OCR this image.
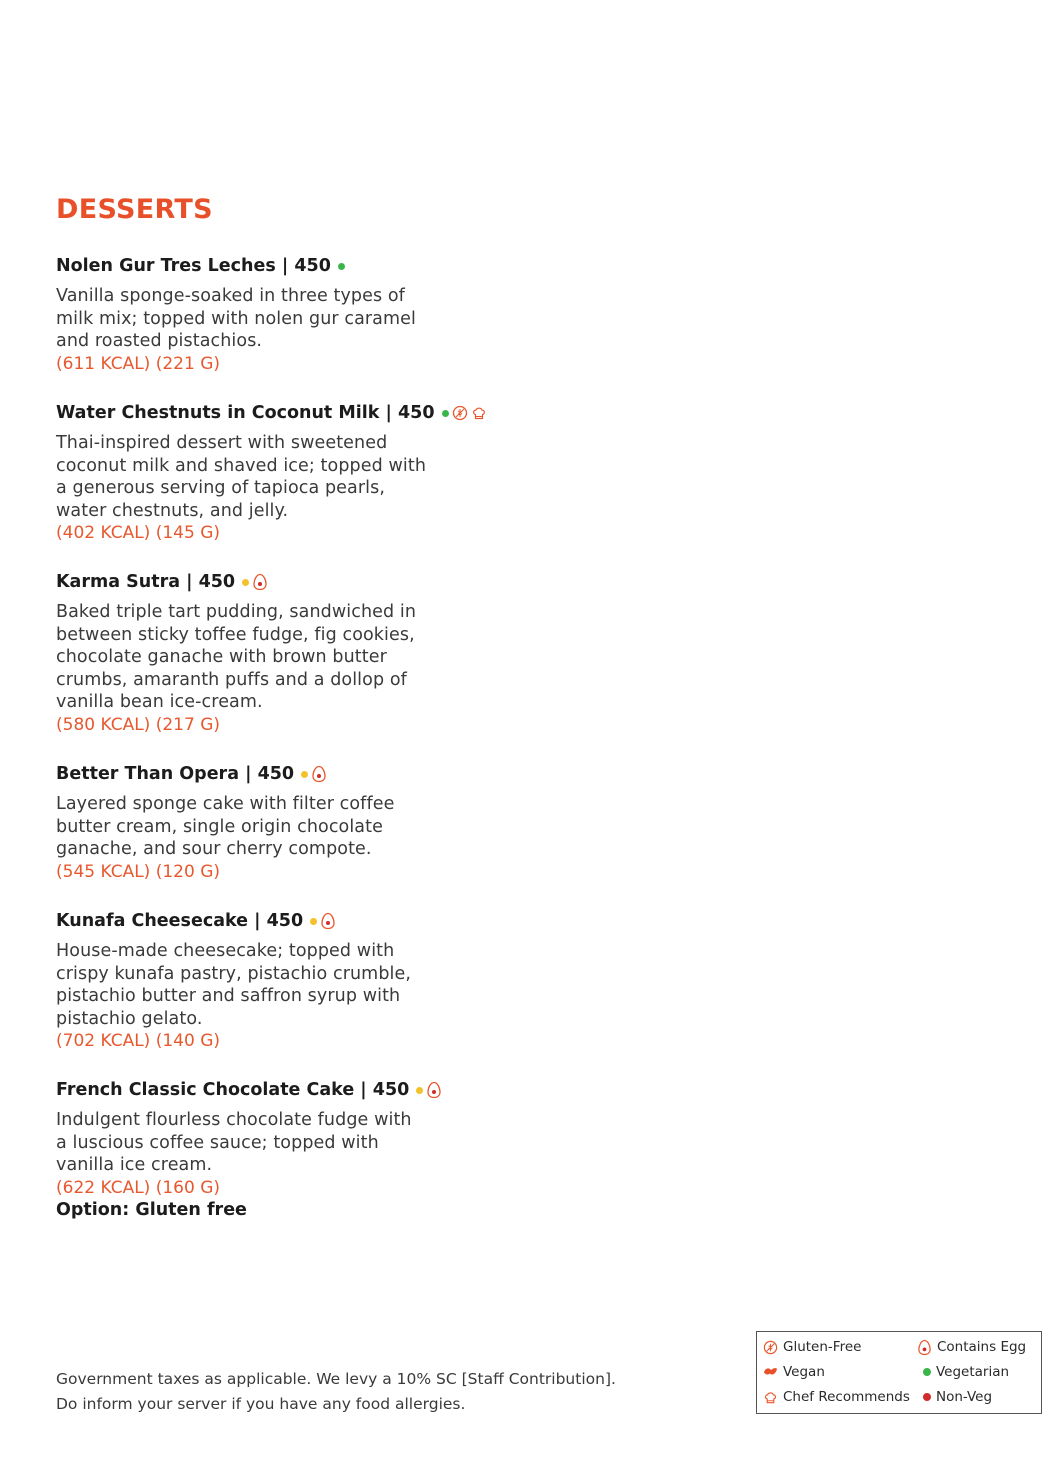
DESSERTS
Nolen Gur Tres Leches | 450
Vanilla sponge-soaked in three types of
milk mix; topped with nolen gur caramel
and roasted pistachios.
(611 KCAL) (221 G)
Water Chestnuts in Coconut Milk | 450
Thai-inspired dessert with sweetened
coconut milk and shaved ice; topped with
a generous serving of tapioca pearls,
water chestnuts, and jelly.
(402 KCAL) (145 G)
Karma Sutra | 450
Baked triple tart pudding, sandwiched in
between sticky toffee fudge, fig cookies,
chocolate ganache with brown butter
crumbs, amaranth puffs and a dollop of
vanilla bean ice-cream.
(580 KCAL) (217 G)
Better Than Opera | 450
Layered sponge cake with filter coffee
butter cream, single origin chocolate
ganache, and sour cherry compote.
(545 KCAL) (120 G)
Kunafa Cheesecake | 450
House-made cheesecake; topped with
crispy kunafa pastry, pistachio crumble,
pistachio butter and saffron syrup with
pistachio gelato.
(702 KCAL) (140 G)
French Classic Chocolate Cake | 450
Indulgent flourless chocolate fudge with
a luscious coffee sauce; topped with
vanilla ice cream.
(622 KCAL) (160 G)
Option: Gluten free
Government taxes as applicable. We levy a 10% SC [Staff Contribution].
Do inform your server if you have any food allergies.
Gluten-Free	Contains Egg
Vegan	Vegetarian
Chef Recommends Non-Veg
